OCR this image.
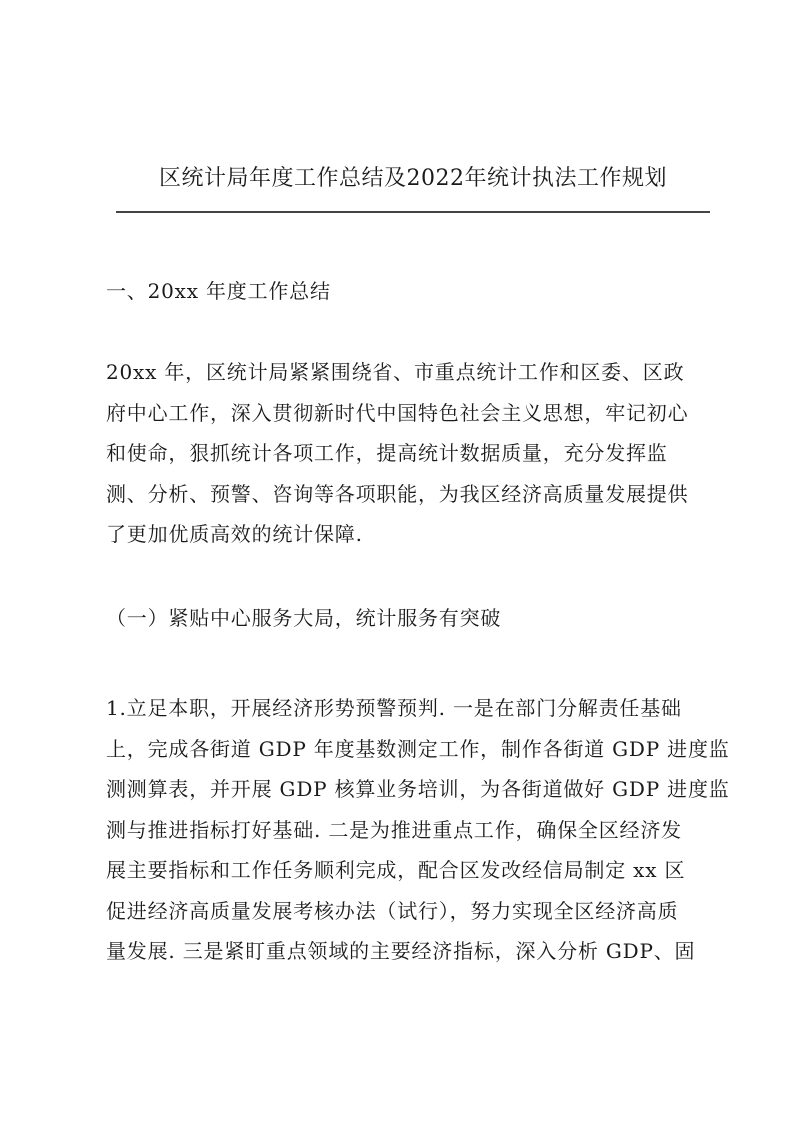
区统计局年度工作总结及2022年统计执法工作规划
一、20xx 年度工作总结
20xx 年，区统计局紧紧围绕省、市重点统计工作和区委、区政
府中心工作，深入贯彻新时代中国特色社会主义思想，牢记初心
和使命，狠抓统计各项工作，提高统计数据质量，充分发挥监
测、分析、预警、咨询等各项职能，为我区经济高质量发展提供
了更加优质高效的统计保障.
（一）紧贴中心服务大局，统计服务有突破
1.立足本职，开展经济形势预警预判. 一是在部门分解责任基础
上，完成各街道 GDP 年度基数测定工作，制作各街道 GDP 进度监
测测算表，并开展 GDP 核算业务培训，为各街道做好 GDP 进度监
测与推进指标打好基础. 二是为推进重点工作，确保全区经济发
展主要指标和工作任务顺利完成，配合区发改经信局制定 xx 区
促进经济高质量发展考核办法（试行），努力实现全区经济高质
量发展. 三是紧盯重点领域的主要经济指标，深入分析 GDP、固
